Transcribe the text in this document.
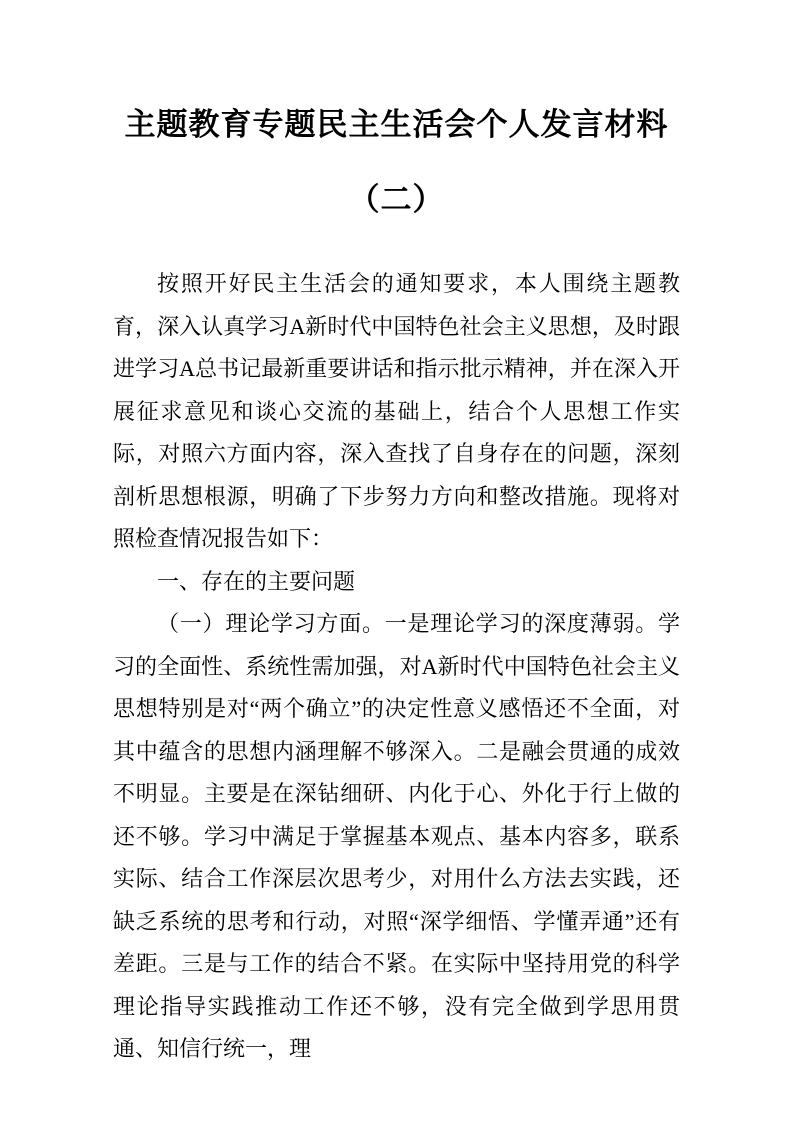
主题教育专题民主生活会个人发言材料
（二）

按照开好民主生活会的通知要求，本人围绕主题教育，深入认真学习A新时代中国特色社会主义思想，及时跟进学习A总书记最新重要讲话和指示批示精神，并在深入开展征求意见和谈心交流的基础上，结合个人思想工作实际，对照六方面内容，深入查找了自身存在的问题，深刻剖析思想根源，明确了下步努力方向和整改措施。现将对照检查情况报告如下：

一、存在的主要问题

（一）理论学习方面。一是理论学习的深度薄弱。学习的全面性、系统性需加强，对A新时代中国特色社会主义思想特别是对“两个确立”的决定性意义感悟还不全面，对其中蕴含的思想内涵理解不够深入。二是融会贯通的成效不明显。主要是在深钻细研、内化于心、外化于行上做的还不够。学习中满足于掌握基本观点、基本内容多，联系实际、结合工作深层次思考少，对用什么方法去实践，还缺乏系统的思考和行动，对照“深学细悟、学懂弄通”还有差距。三是与工作的结合不紧。在实际中坚持用党的科学理论指导实践推动工作还不够，没有完全做到学思用贯通、知信行统一，理
